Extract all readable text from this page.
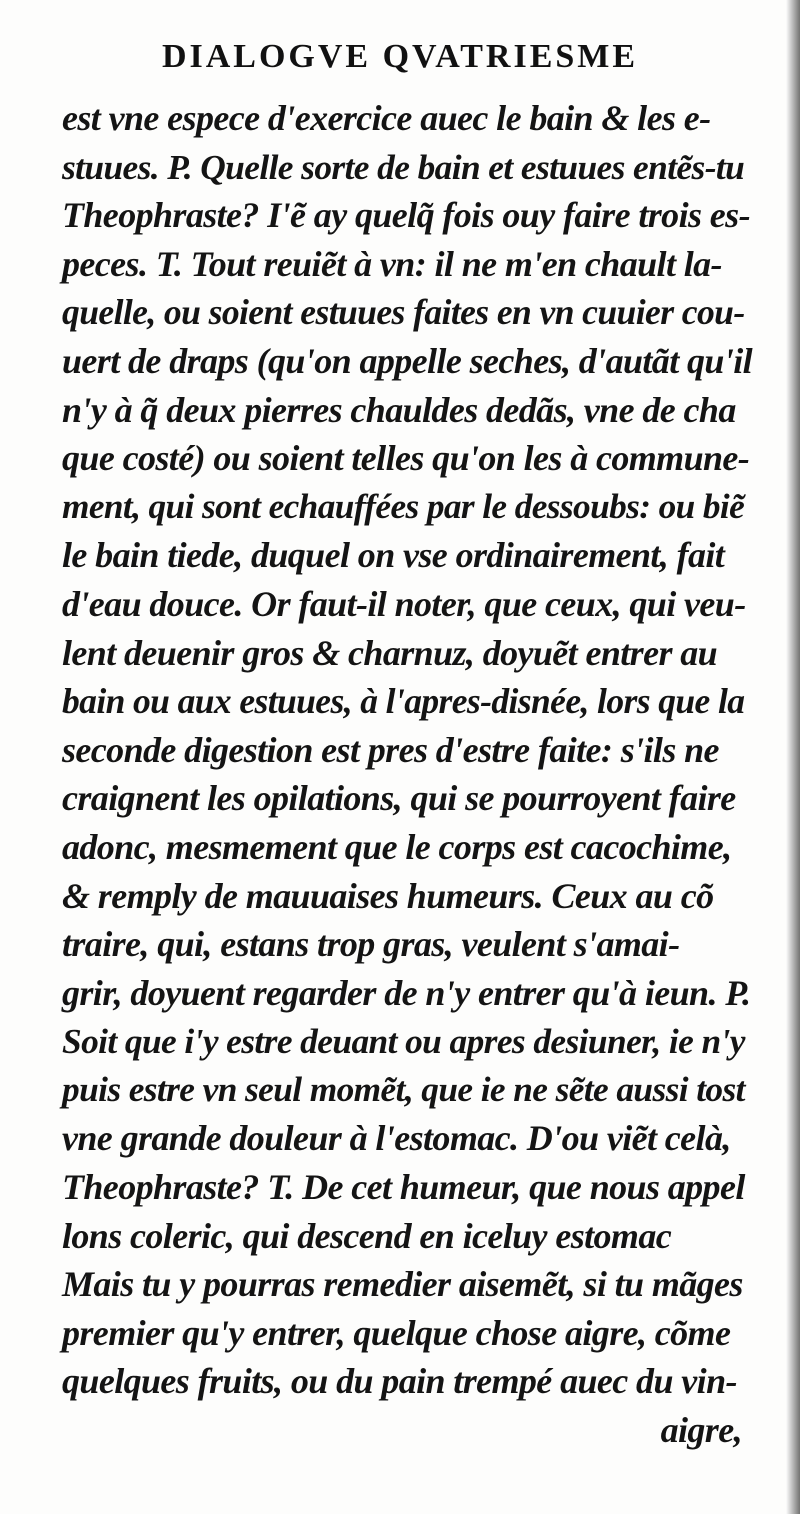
DIALOGVE QVATRIESME
est vne espece d'exercice auec le bain & les e-
stuues. P. Quelle sorte de bain et estuues entẽs-tu
Theophraste? I'ẽ ay quelq̃ fois ouy faire trois es-
peces. T. Tout reuiẽt à vn: il ne m'en chault la-
quelle, ou soient estuues faites en vn cuuier cou-
uert de draps (qu'on appelle seches, d'autãt qu'il
n'y à q̃ deux pierres chauldes dedãs, vne de cha
que costé) ou soient telles qu'on les à commune-
ment, qui sont echauffées par le dessoubs: ou biẽ
le bain tiede, duquel on vse ordinairement, fait
d'eau douce. Or faut-il noter, que ceux, qui veu-
lent deuenir gros & charnuz, doyuẽt entrer au
bain ou aux estuues, à l'apres-disnée, lors que la
seconde digestion est pres d'estre faite: s'ils ne
craignent les opilations, qui se pourroyent faire
adonc, mesmement que le corps est cacochime,
& remply de mauuaises humeurs. Ceux au cõ
traire, qui, estans trop gras, veulent s'amai-
grir, doyuent regarder de n'y entrer qu'à ieun. P.
Soit que i'y estre deuant ou apres desiuner, ie n'y
puis estre vn seul momẽt, que ie ne sẽte aussi tost
vne grande douleur à l'estomac. D'ou viẽt celà,
Theophraste? T. De cet humeur, que nous appel
lons coleric, qui descend en iceluy estomac
Mais tu y pourras remedier aisemẽt, si tu mãges
premier qu'y entrer, quelque chose aigre, cõme
quelques fruits, ou du pain trempé auec du vin-
aigre,
